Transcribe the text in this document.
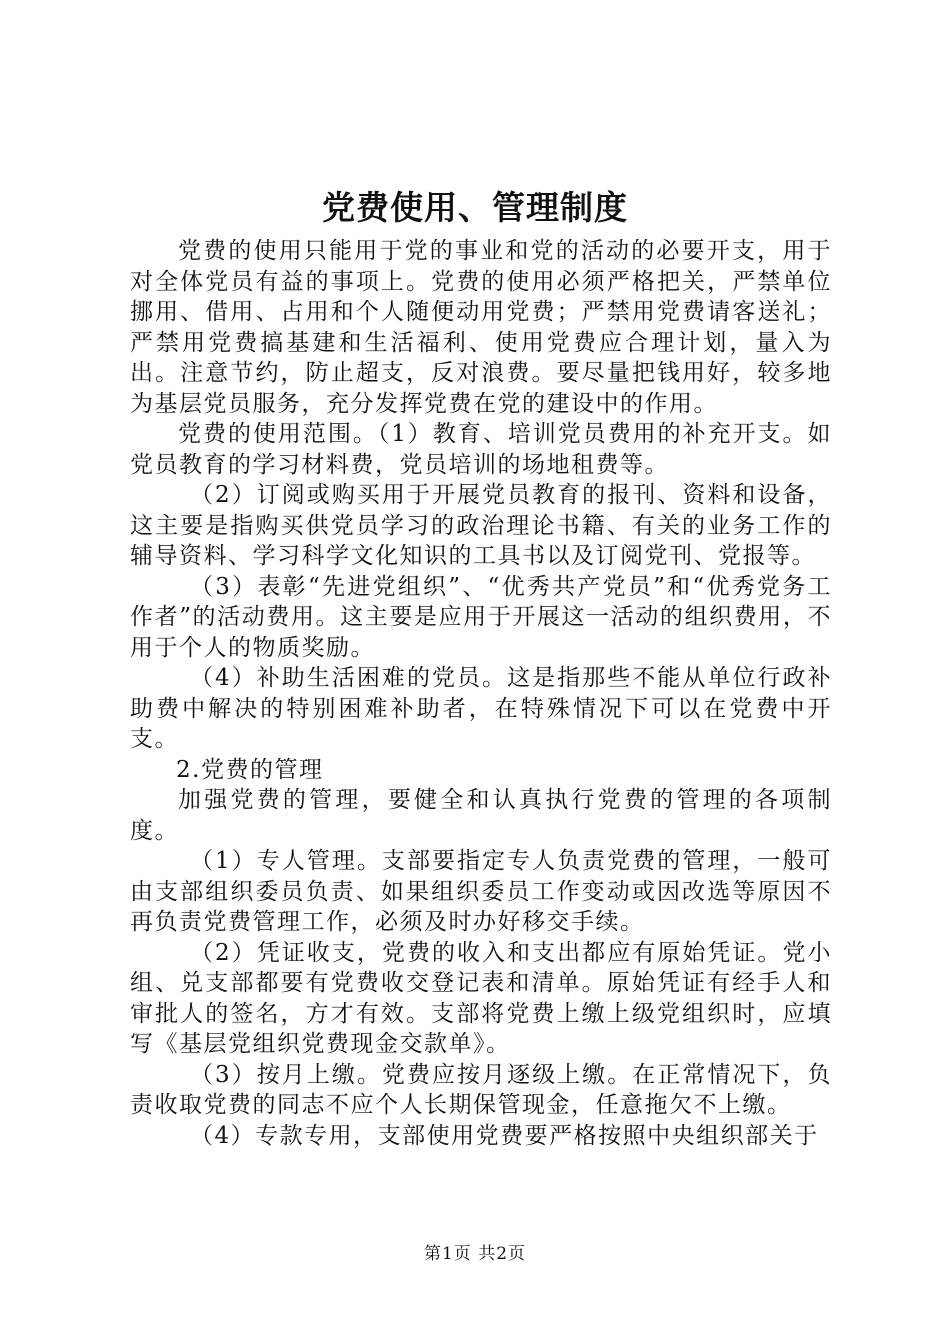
党费使用、管理制度

党费的使用只能用于党的事业和党的活动的必要开支，用于对全体党员有益的事项上。党费的使用必须严格把关，严禁单位挪用、借用、占用和个人随便动用党费；严禁用党费请客送礼；严禁用党费搞基建和生活福利、使用党费应合理计划，量入为出。注意节约，防止超支，反对浪费。要尽量把钱用好，较多地为基层党员服务，充分发挥党费在党的建设中的作用。

党费的使用范围。（1）教育、培训党员费用的补充开支。如党员教育的学习材料费，党员培训的场地租费等。

（2）订阅或购买用于开展党员教育的报刊、资料和设备，这主要是指购买供党员学习的政治理论书籍、有关的业务工作的辅导资料、学习科学文化知识的工具书以及订阅党刊、党报等。

（3）表彰“先进党组织”、“优秀共产党员”和“优秀党务工作者”的活动费用。这主要是应用于开展这一活动的组织费用，不用于个人的物质奖励。

（4）补助生活困难的党员。这是指那些不能从单位行政补助费中解决的特别困难补助者，在特殊情况下可以在党费中开支。

2.党费的管理

加强党费的管理，要健全和认真执行党费的管理的各项制度。

（1）专人管理。支部要指定专人负责党费的管理，一般可由支部组织委员负责、如果组织委员工作变动或因改选等原因不再负责党费管理工作，必须及时办好移交手续。

（2）凭证收支，党费的收入和支出都应有原始凭证。党小组、兑支部都要有党费收交登记表和清单。原始凭证有经手人和审批人的签名，方才有效。支部将党费上缴上级党组织时，应填写《基层党组织党费现金交款单》。

（3）按月上缴。党费应按月逐级上缴。在正常情况下，负责收取党费的同志不应个人长期保管现金，任意拖欠不上缴。

（4）专款专用，支部使用党费要严格按照中央组织部关于

第1页 共2页
